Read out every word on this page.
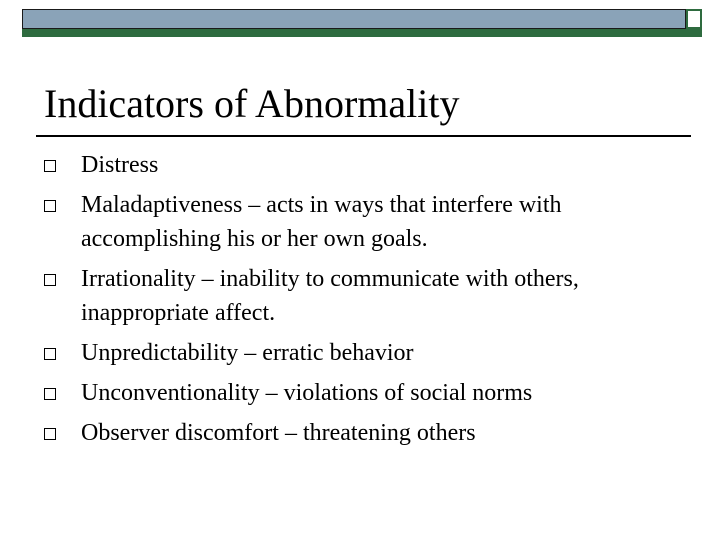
Indicators of Abnormality
Distress
Maladaptiveness – acts in ways that interfere with accomplishing his or her own goals.
Irrationality – inability to communicate with others, inappropriate affect.
Unpredictability – erratic behavior
Unconventionality – violations of social norms
Observer discomfort – threatening others
